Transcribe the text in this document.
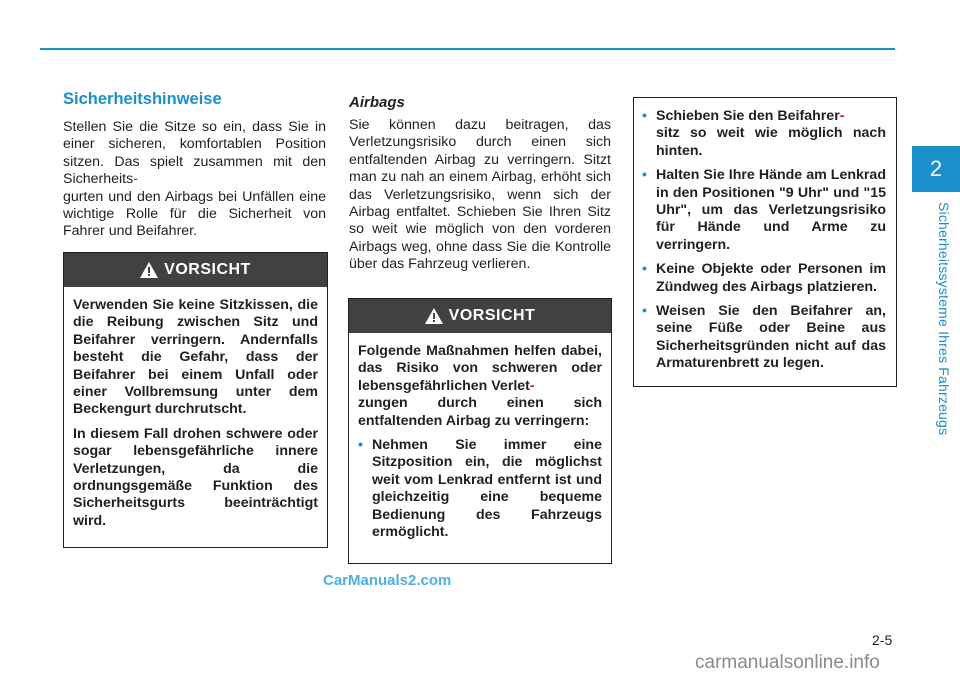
2
Sicherheitssysteme Ihres Fahrzeugs
Sicherheitshinweise

Stellen Sie die Sitze so ein, dass Sie in einer sicheren, komfortablen Position sitzen. Das spielt zusammen mit den Sicherheits-
gurten und den Airbags bei Unfällen eine wichtige Rolle für die Sicherheit von Fahrer und Beifahrer.

VORSICHT

Verwenden Sie keine Sitzkissen, die die Reibung zwischen Sitz und Beifahrer verringern. Andernfalls besteht die Gefahr, dass der Beifahrer bei einem Unfall oder einer Vollbremsung unter dem Beckengurt durchrutscht.

In diesem Fall drohen schwere oder sogar lebensgefährliche innere Verletzungen, da die ordnungsgemäße Funktion des Sicherheitsgurts beeinträchtigt wird.

Airbags

Sie können dazu beitragen, das Verletzungsrisiko durch einen sich entfaltenden Airbag zu verringern. Sitzt man zu nah an einem Airbag, erhöht sich das Verletzungsrisiko, wenn sich der Airbag entfaltet. Schieben Sie Ihren Sitz so weit wie möglich von den vorderen Airbags weg, ohne dass Sie die Kontrolle über das Fahrzeug verlieren.

VORSICHT

Folgende Maßnahmen helfen dabei, das Risiko von schweren oder lebensgefährlichen Verlet-
zungen durch einen sich entfaltenden Airbag zu verringern:

• Nehmen Sie immer eine Sitzposition ein, die möglichst weit vom Lenkrad entfernt ist und gleichzeitig eine bequeme Bedienung des Fahrzeugs ermöglicht.
• Schieben Sie den Beifahrer-
sitz so weit wie möglich nach hinten.
• Halten Sie Ihre Hände am Lenkrad in den Positionen "9 Uhr" und "15 Uhr", um das Verletzungsrisiko für Hände und Arme zu verringern.
• Keine Objekte oder Personen im Zündweg des Airbags platzieren.
• Weisen Sie den Beifahrer an, seine Füße oder Beine aus Sicherheitsgründen nicht auf das Armaturenbrett zu legen.
CarManuals2.com
2-5
carmanualsonline.info
